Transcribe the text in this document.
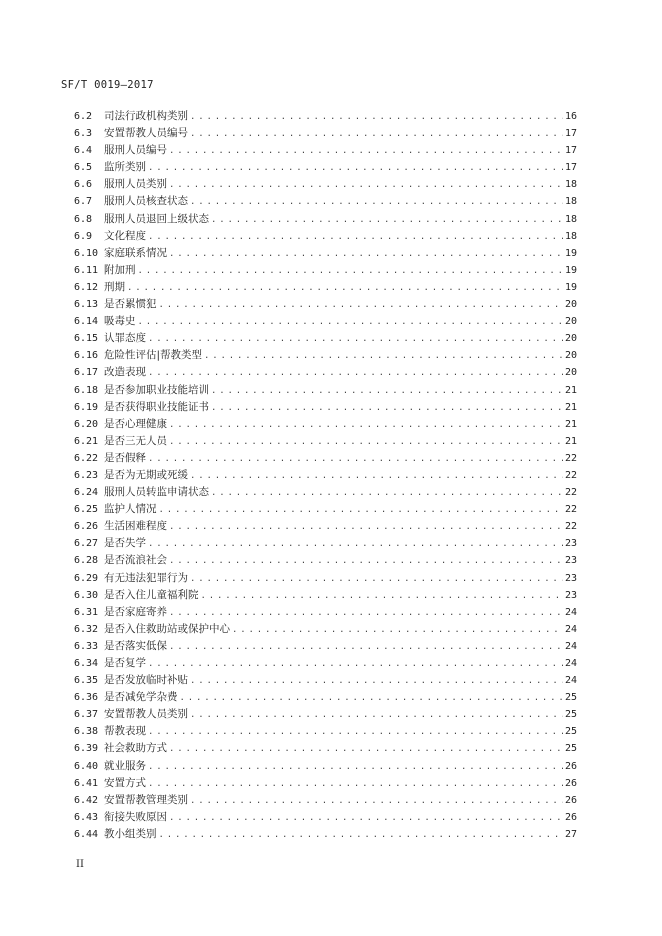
SF/T 0019—2017
6.2	司法行政机构类别 . . .	16
6.3	安置帮教人员编号 . . .	17
6.4	服刑人员编号 . . .	17
6.5	监所类别 . . .	17
6.6	服刑人员类别 . . .	18
6.7	服刑人员核查状态 . . .	18
6.8	服刑人员退回上级状态 . . .	18
6.9	文化程度 . . .	18
6.10 家庭联系情况 . . .	19
6.11 附加刑 . . .	19
6.12 刑期 . . .	19
6.13 是否累惯犯 . . .	20
6.14 吸毒史 . . .	20
6.15 认罪态度 . . .	20
6.16 危险性评估|帮教类型 . . .	20
6.17 改造表现 . . .	20
6.18 是否参加职业技能培训 . . .	21
6.19 是否获得职业技能证书 . . .	21
6.20 是否心理健康 . . .	21
6.21 是否三无人员 . . .	21
6.22 是否假释 . . .	22
6.23 是否为无期或死缓 . . .	22
6.24 服刑人员转监申请状态 . . .	22
6.25 监护人情况 . . .	22
6.26 生活困难程度 . . .	22
6.27 是否失学 . . .	23
6.28 是否流浪社会 . . .	23
6.29 有无违法犯罪行为 . . .	23
6.30 是否入住儿童福利院 . . .	23
6.31 是否家庭寄养 . . .	24
6.32 是否入住救助站或保护中心 . . .	24
6.33 是否落实低保 . . .	24
6.34 是否复学 . . .	24
6.35 是否发放临时补贴 . . .	24
6.36 是否减免学杂费 . . .	25
6.37 安置帮教人员类别 . . .	25
6.38 帮教表现 . . .	25
6.39 社会救助方式 . . .	25
6.40 就业服务 . . .	26
6.41 安置方式 . . .	26
6.42 安置帮教管理类别 . . .	26
6.43 衔接失败原因 . . .	26
6.44 教小组类别 . . .	27
II
